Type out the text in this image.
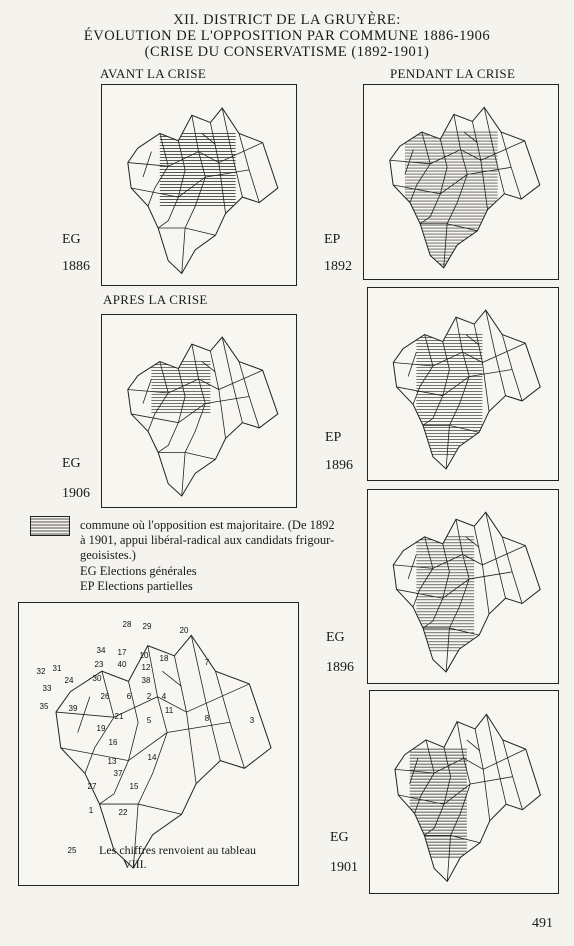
XII. DISTRICT DE LA GRUYÈRE:
ÉVOLUTION DE L'OPPOSITION PAR COMMUNE 1886-1906
(CRISE DU CONSERVATISME (1892-1901)
AVANT LA CRISE	PENDANT LA CRISE
APRES LA CRISE
EG
1886
EP
1892
EP
1896
EG
1906
EG
1896
EG
1901
commune où l'opposition est majoritaire. (De 1892
à 1901, appui libéral-radical aux candidats frigour-
geoisistes.)
EG Elections générales
EP Elections partielles
28 29	20
34 17 10 18	7
23 40 12
32 31
30	38
24
33
26 6 2
39
35
21	5	8	3
19
16
13	14
37
27	15
1	22
25
4
11
Les chiffres renvoient au tableau
VIII.
491
